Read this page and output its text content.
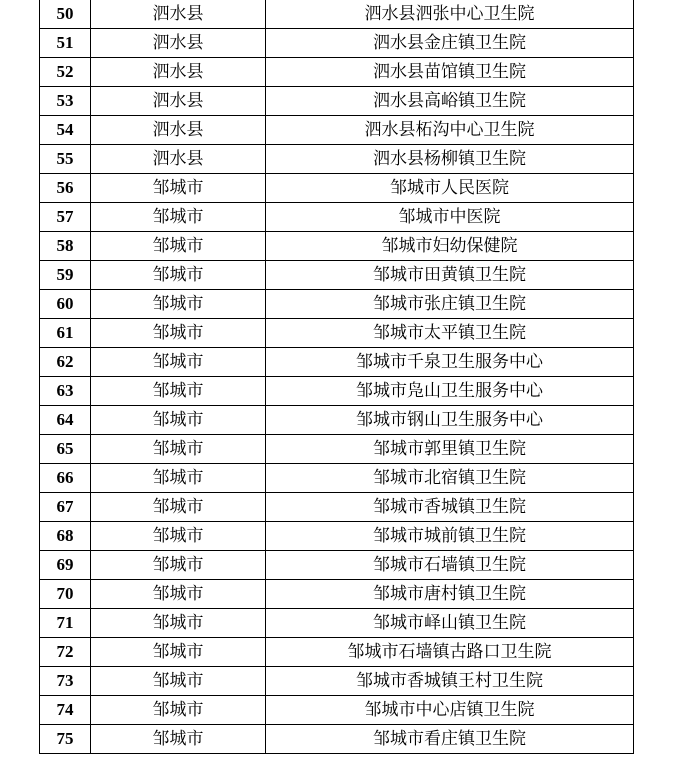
50	泗水县	泗水县泗张中心卫生院
51	泗水县	泗水县金庄镇卫生院
52	泗水县	泗水县苗馆镇卫生院
53	泗水县	泗水县高峪镇卫生院
54	泗水县	泗水县柘沟中心卫生院
55	泗水县	泗水县杨柳镇卫生院
56	邹城市	邹城市人民医院
57	邹城市	邹城市中医院
58	邹城市	邹城市妇幼保健院
59	邹城市	邹城市田黄镇卫生院
60	邹城市	邹城市张庄镇卫生院
61	邹城市	邹城市太平镇卫生院
62	邹城市	邹城市千泉卫生服务中心
63	邹城市	邹城市凫山卫生服务中心
64	邹城市	邹城市钢山卫生服务中心
65	邹城市	邹城市郭里镇卫生院
66	邹城市	邹城市北宿镇卫生院
67	邹城市	邹城市香城镇卫生院
68	邹城市	邹城市城前镇卫生院
69	邹城市	邹城市石墙镇卫生院
70	邹城市	邹城市唐村镇卫生院
71	邹城市	邹城市峄山镇卫生院
72	邹城市	邹城市石墙镇古路口卫生院
73	邹城市	邹城市香城镇王村卫生院
74	邹城市	邹城市中心店镇卫生院
75	邹城市	邹城市看庄镇卫生院
